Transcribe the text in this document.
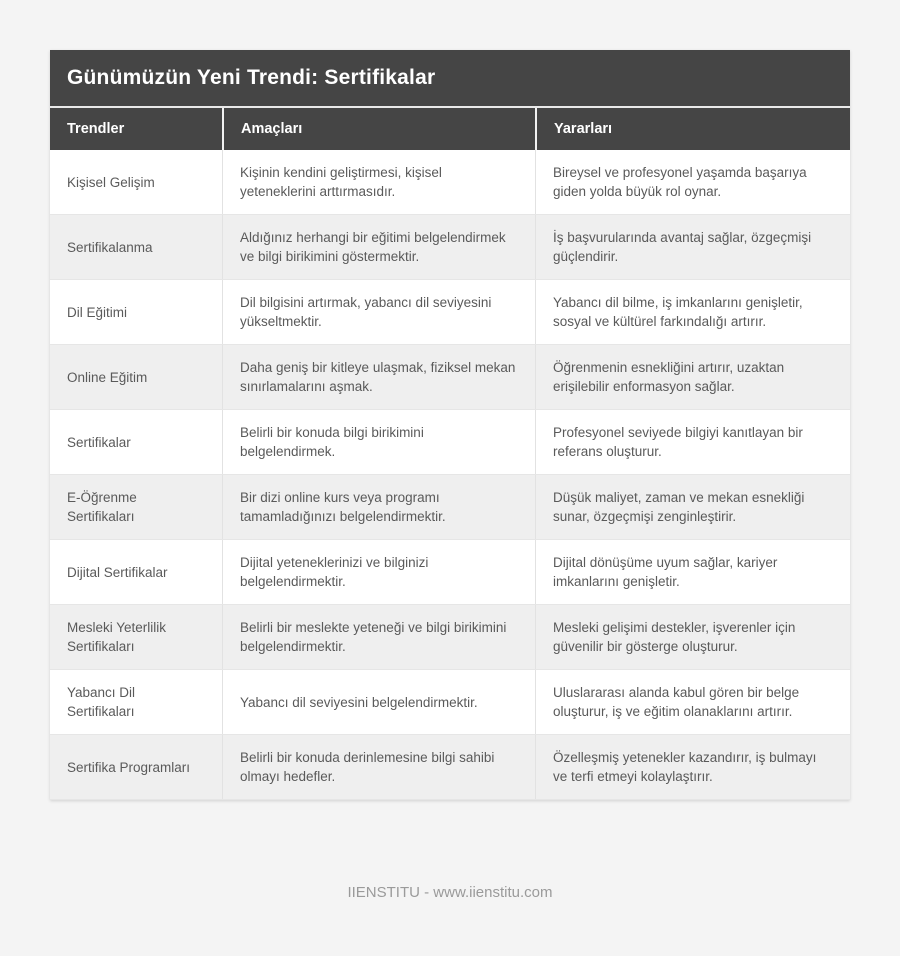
Günümüzün Yeni Trendi: Sertifikalar
Trendler	Amaçları	Yararları
Kişisel Gelişim
Kişinin kendini geliştirmesi, kişisel yeteneklerini arttırmasıdır.
Bireysel ve profesyonel yaşamda başarıya giden yolda büyük rol oynar.
Sertifikalanma
Aldığınız herhangi bir eğitimi belgelendirmek ve bilgi birikimini göstermektir.
İş başvurularında avantaj sağlar, özgeçmişi güçlendirir.
Dil Eğitimi
Dil bilgisini artırmak, yabancı dil seviyesini yükseltmektir.
Yabancı dil bilme, iş imkanlarını genişletir, sosyal ve kültürel farkındalığı artırır.
Online Eğitim
Daha geniş bir kitleye ulaşmak, fiziksel mekan sınırlamalarını aşmak.
Öğrenmenin esnekliğini artırır, uzaktan erişilebilir enformasyon sağlar.
Sertifikalar
Belirli bir konuda bilgi birikimini belgelendirmek.
Profesyonel seviyede bilgiyi kanıtlayan bir referans oluşturur.
E-Öğrenme Sertifikaları
Bir dizi online kurs veya programı tamamladığınızı belgelendirmektir.
Düşük maliyet, zaman ve mekan esnekliği sunar, özgeçmişi zenginleştirir.
Dijital Sertifikalar
Dijital yeteneklerinizi ve bilginizi belgelendirmektir.
Dijital dönüşüme uyum sağlar, kariyer imkanlarını genişletir.
Mesleki Yeterlilik Sertifikaları
Belirli bir meslekte yeteneği ve bilgi birikimini belgelendirmektir.
Mesleki gelişimi destekler, işverenler için güvenilir bir gösterge oluşturur.
Yabancı Dil Sertifikaları
Yabancı dil seviyesini belgelendirmektir.
Uluslararası alanda kabul gören bir belge oluşturur, iş ve eğitim olanaklarını artırır.
Sertifika Programları
Belirli bir konuda derinlemesine bilgi sahibi olmayı hedefler.
Özelleşmiş yetenekler kazandırır, iş bulmayı ve terfi etmeyi kolaylaştırır.
IIENSTITU - www.iienstitu.com
